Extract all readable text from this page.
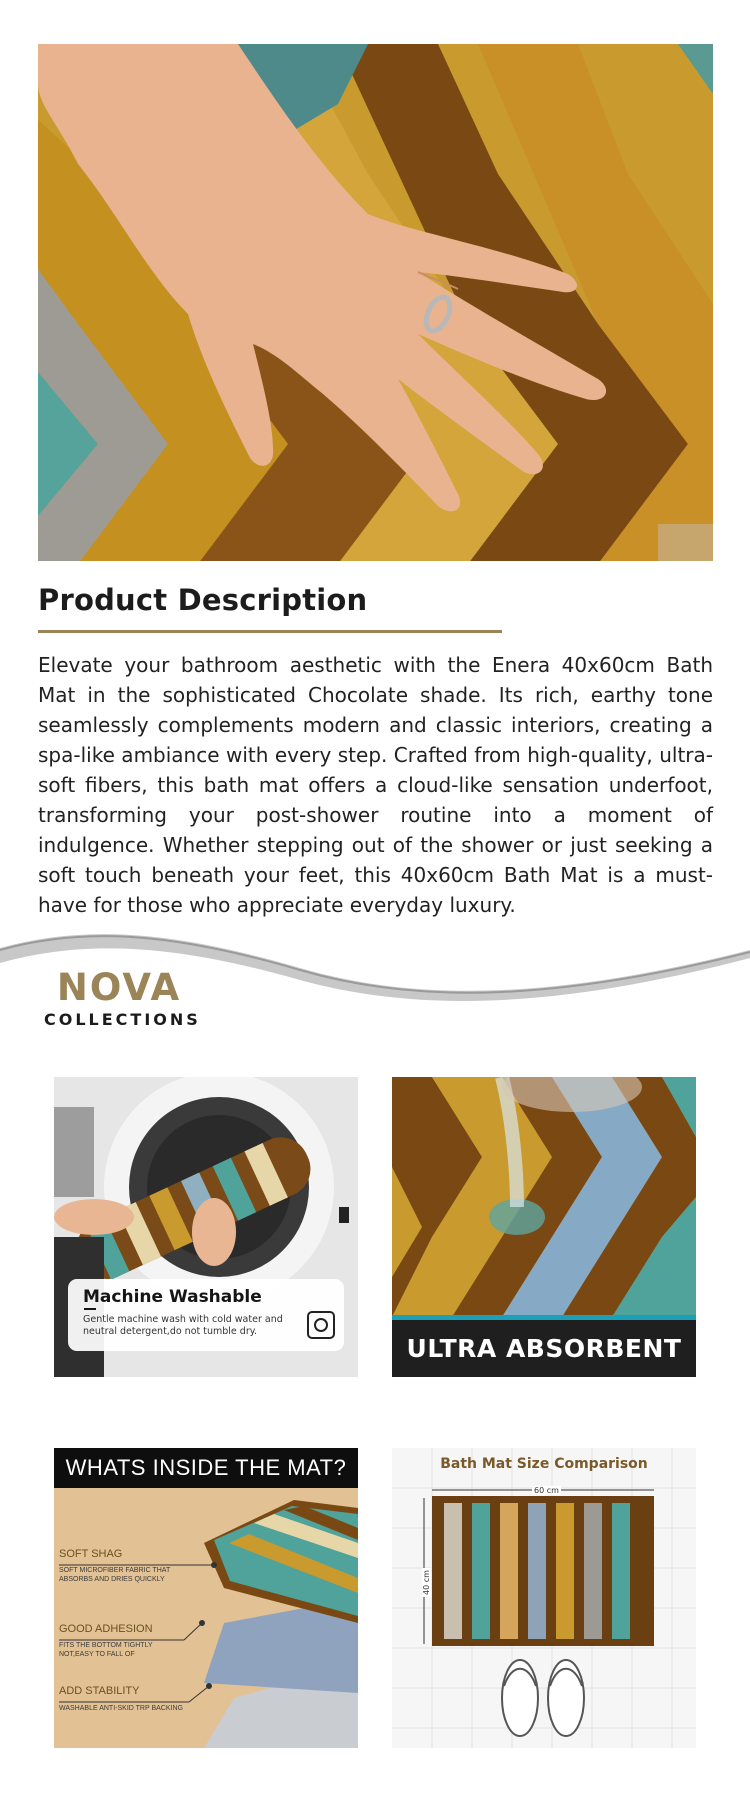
Product Description

Elevate your bathroom aesthetic with the Enera 40x60cm Bath Mat in the sophisticated Chocolate shade. Its rich, earthy tone seamlessly complements modern and classic interiors, creating a spa-like ambiance with every step. Crafted from high-quality, ultra-soft fibers, this bath mat offers a cloud-like sensation underfoot, transforming your post-shower routine into a moment of indulgence. Whether stepping out of the shower or just seeking a soft touch beneath your feet, this 40x60cm Bath Mat is a must-have for those who appreciate everyday luxury.

NOVA
COLLECTIONS
Machine Washable
Gentle machine wash with cold water and neutral detergent,do not tumble dry.
ULTRA ABSORBENT
WHATS INSIDE THE MAT?
SOFT SHAG
SOFT MICROFIBER FABRIC THAT ABSORBS AND DRIES QUICKLY
GOOD ADHESION
FITS THE BOTTOM TIGHTLY NOT,EASY TO FALL OF
ADD STABILITY
WASHABLE ANTI-SKID TRP BACKING
Bath Mat Size Comparison
60 cm
40 cm
